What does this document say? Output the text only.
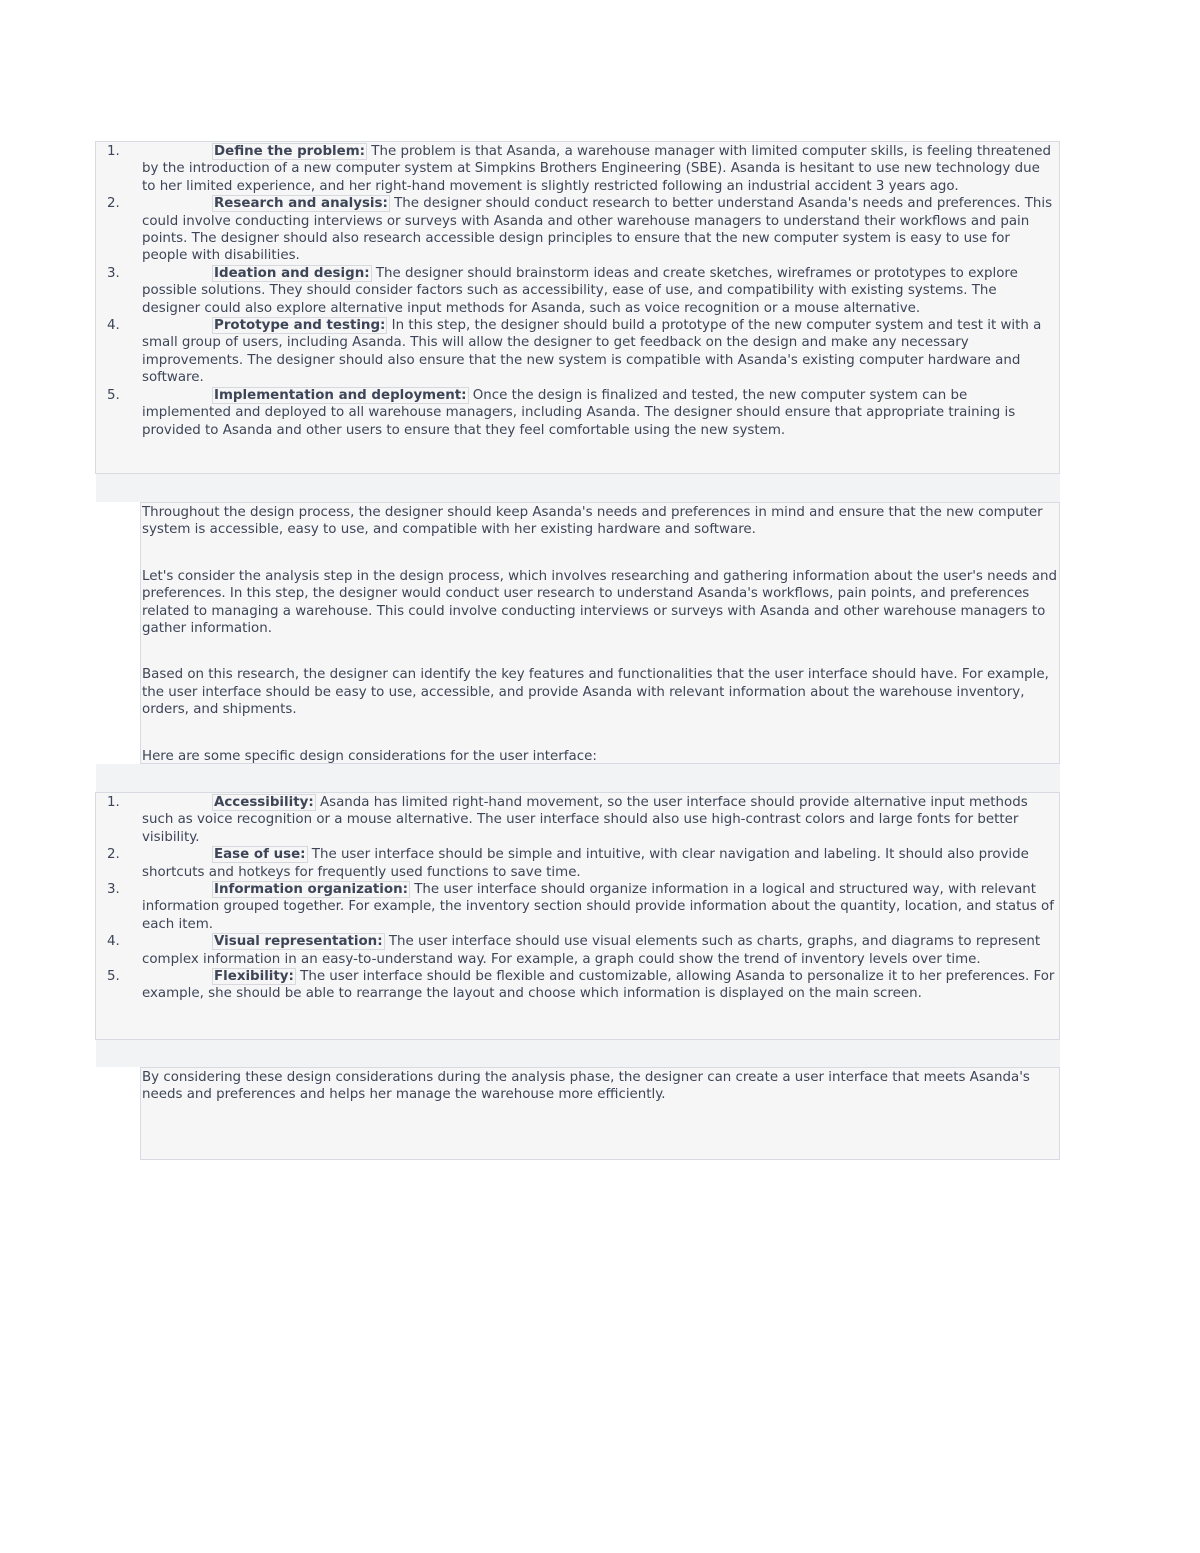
1.	Define the problem: The problem is that Asanda, a warehouse manager with limited computer skills, is feeling threatened by the introduction of a new computer system at Simpkins Brothers Engineering (SBE). Asanda is hesitant to use new technology due to her limited experience, and her right-hand movement is slightly restricted following an industrial accident 3 years ago.
2.	Research and analysis: The designer should conduct research to better understand Asanda's needs and preferences. This could involve conducting interviews or surveys with Asanda and other warehouse managers to understand their workflows and pain points. The designer should also research accessible design principles to ensure that the new computer system is easy to use for people with disabilities.
3.	Ideation and design: The designer should brainstorm ideas and create sketches, wireframes or prototypes to explore possible solutions. They should consider factors such as accessibility, ease of use, and compatibility with existing systems. The designer could also explore alternative input methods for Asanda, such as voice recognition or a mouse alternative.
4.	Prototype and testing: In this step, the designer should build a prototype of the new computer system and test it with a small group of users, including Asanda. This will allow the designer to get feedback on the design and make any necessary improvements. The designer should also ensure that the new system is compatible with Asanda's existing computer hardware and software.
5.	Implementation and deployment: Once the design is finalized and tested, the new computer system can be implemented and deployed to all warehouse managers, including Asanda. The designer should ensure that appropriate training is provided to Asanda and other users to ensure that they feel comfortable using the new system.

Throughout the design process, the designer should keep Asanda's needs and preferences in mind and ensure that the new computer system is accessible, easy to use, and compatible with her existing hardware and software.

Let's consider the analysis step in the design process, which involves researching and gathering information about the user's needs and preferences. In this step, the designer would conduct user research to understand Asanda's workflows, pain points, and preferences related to managing a warehouse. This could involve conducting interviews or surveys with Asanda and other warehouse managers to gather information.

Based on this research, the designer can identify the key features and functionalities that the user interface should have. For example, the user interface should be easy to use, accessible, and provide Asanda with relevant information about the warehouse inventory, orders, and shipments.

Here are some specific design considerations for the user interface:

1.	Accessibility: Asanda has limited right-hand movement, so the user interface should provide alternative input methods such as voice recognition or a mouse alternative. The user interface should also use high-contrast colors and large fonts for better visibility.
2.	Ease of use: The user interface should be simple and intuitive, with clear navigation and labeling. It should also provide shortcuts and hotkeys for frequently used functions to save time.
3.	Information organization: The user interface should organize information in a logical and structured way, with relevant information grouped together. For example, the inventory section should provide information about the quantity, location, and status of each item.
4.	Visual representation: The user interface should use visual elements such as charts, graphs, and diagrams to represent complex information in an easy-to-understand way. For example, a graph could show the trend of inventory levels over time.
5.	Flexibility: The user interface should be flexible and customizable, allowing Asanda to personalize it to her preferences. For example, she should be able to rearrange the layout and choose which information is displayed on the main screen.

By considering these design considerations during the analysis phase, the designer can create a user interface that meets Asanda's needs and preferences and helps her manage the warehouse more efficiently.
